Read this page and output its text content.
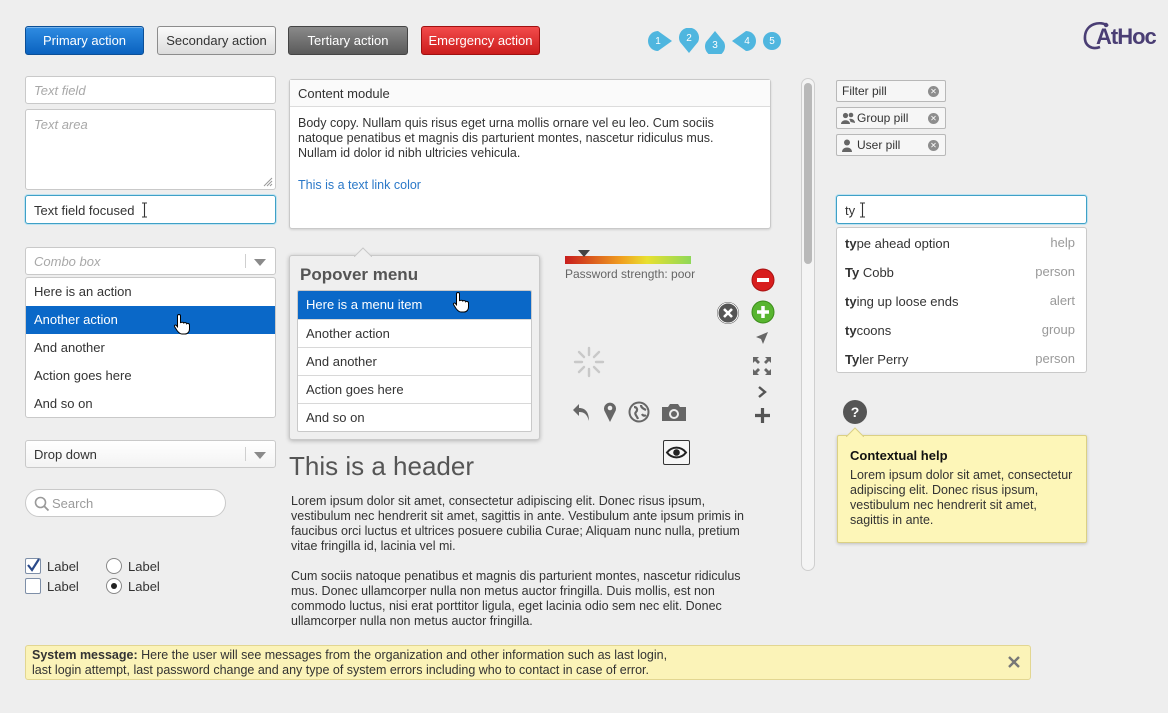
Primary action	Secondary action	Tertiary action	Emergency action	1	2
3	4	5	AtHoc
Text field
Text area
Text field focused
Combo box
Here is an action
Another action
And another
Action goes here
And so on
Drop down
Search
Label
Label
Label
Label
Content module
Body copy. Nullam quis risus eget urna mollis ornare vel eu leo. Cum sociis natoque penatibus et magnis dis parturient montes, nascetur ridiculus mus. Nullam id dolor id nibh ultricies vehicula.
This is a text link color
Popover menu
Here is a menu item
Another action
And another
Action goes here
And so on
Password strength: poor
This is a header
Lorem ipsum dolor sit amet, consectetur adipiscing elit. Donec risus ipsum, vestibulum nec hendrerit sit amet, sagittis in ante. Vestibulum ante ipsum primis in faucibus orci luctus et ultrices posuere cubilia Curae; Aliquam nunc nulla, pretium vitae fringilla id, lacinia vel mi.
Cum sociis natoque penatibus et magnis dis parturient montes, nascetur ridiculus mus. Donec ullamcorper nulla non metus auctor fringilla. Duis mollis, est non commodo luctus, nisi erat porttitor ligula, eget lacinia odio sem nec elit. Donec ullamcorper nulla non metus auctor fringilla.
Filter pill	✕
Group pill	✕
User pill	✕
ty
type ahead option	help
Ty Cobb	person
tying up loose ends	alert
tycoons	group
Tyler Perry	person
?
Contextual help
Lorem ipsum dolor sit amet, consectetur adipiscing elit. Donec risus ipsum, vestibulum nec hendrerit sit amet, sagittis in ante.
System message: Here the user will see messages from the organization and other information such as last login,
last login attempt, last password change and any type of system errors including who to contact in case of error.
